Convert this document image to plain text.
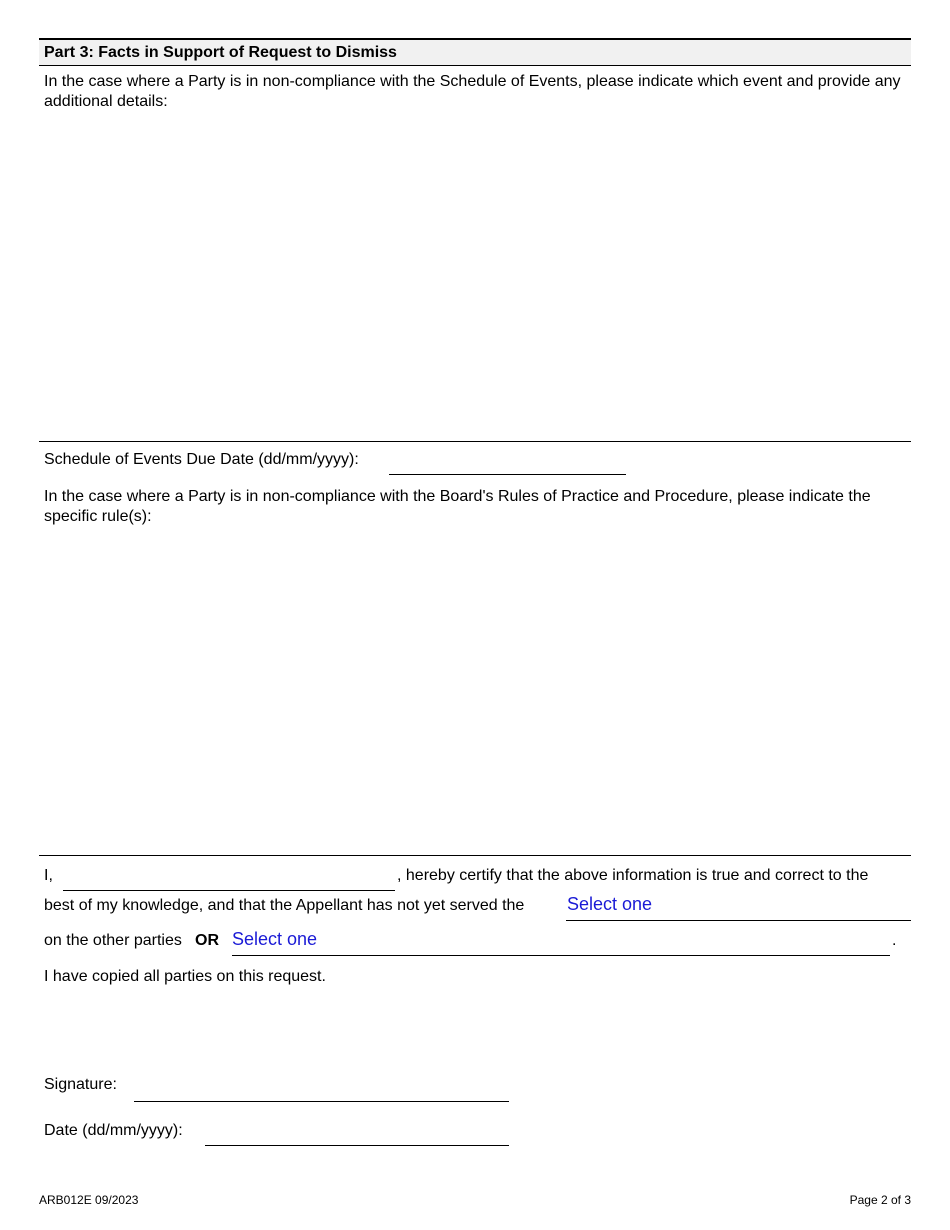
Part 3: Facts in Support of Request to Dismiss
In the case where a Party is in non-compliance with the Schedule of Events, please indicate which event and provide any additional details:
Schedule of Events Due Date (dd/mm/yyyy):
In the case where a Party is in non-compliance with the Board's Rules of Practice and Procedure, please indicate the specific rule(s):
I,	, hereby certify that the above information is true and correct to the
best of my knowledge, and that the Appellant has not yet served the Select one
on the other parties OR Select one	.
I have copied all parties on this request.
Signature:
Date (dd/mm/yyyy):
ARB012E 09/2023	Page 2 of 3
